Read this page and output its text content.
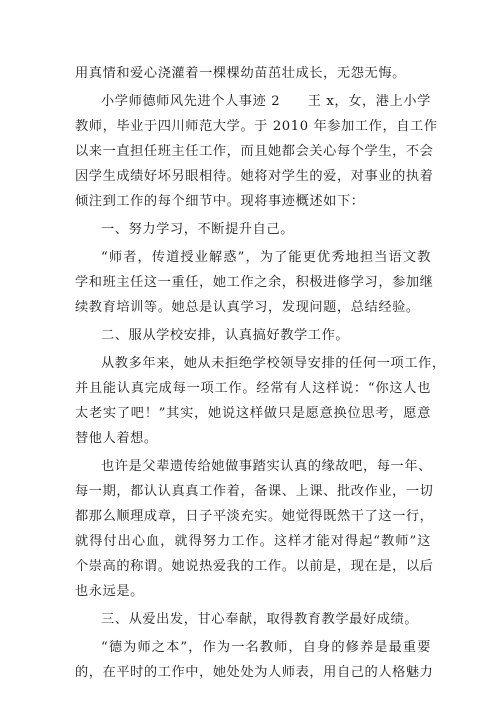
用真情和爱心浇灌着一棵棵幼苗茁壮成长，无怨无悔。
小学师德师风先进个人事迹 2　　王 x，女，港上小学
教师，毕业于四川师范大学。于 2010 年参加工作，自工作
以来一直担任班主任工作，而且她都会关心每个学生，不会
因学生成绩好坏另眼相待。她将对学生的爱，对事业的执着
倾注到工作的每个细节中。现将事迹概述如下：
一、努力学习，不断提升自己。
“师者，传道授业解惑”，为了能更优秀地担当语文教
学和班主任这一重任，她工作之余，积极进修学习，参加继
续教育培训等。她总是认真学习，发现问题，总结经验。
二、服从学校安排，认真搞好教学工作。
从教多年来，她从未拒绝学校领导安排的任何一项工作，
并且能认真完成每一项工作。经常有人这样说：“你这人也
太老实了吧！”其实，她说这样做只是愿意换位思考，愿意
替他人着想。
也许是父辈遗传给她做事踏实认真的缘故吧，每一年、
每一期，都认认真真工作着，备课、上课、批改作业，一切
都那么顺理成章，日子平淡充实。她觉得既然干了这一行，
就得付出心血，就得努力工作。这样才能对得起“教师”这
个崇高的称谓。她说热爱我的工作。以前是，现在是，以后
也永远是。
三、从爱出发，甘心奉献，取得教育教学最好成绩。
“德为师之本”，作为一名教师，自身的修养是最重要
的，在平时的工作中，她处处为人师表，用自己的人格魅力
